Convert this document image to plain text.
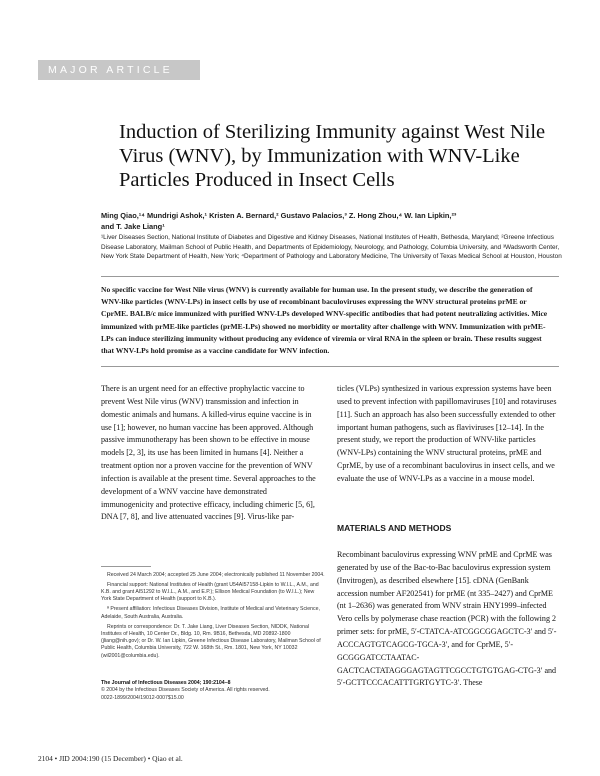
MAJOR ARTICLE
Induction of Sterilizing Immunity against West Nile Virus (WNV), by Immunization with WNV-Like Particles Produced in Insect Cells
Ming Qiao,¹⁴ Mundrigi Ashok,¹ Kristen A. Bernard,² Gustavo Palacios,³ Z. Hong Zhou,⁴ W. Ian Lipkin,²³
and T. Jake Liang¹
¹Liver Diseases Section, National Institute of Diabetes and Digestive and Kidney Diseases, National Institutes of Health, Bethesda, Maryland; ²Greene Infectious Disease Laboratory, Mailman School of Public Health, and Departments of Epidemiology, Neurology, and Pathology, Columbia University, and ³Wadsworth Center, New York State Department of Health, New York; ⁴Department of Pathology and Laboratory Medicine, The University of Texas Medical School at Houston, Houston
No specific vaccine for West Nile virus (WNV) is currently available for human use. In the present study, we describe the generation of WNV-like particles (WNV-LPs) in insect cells by use of recombinant baculoviruses expressing the WNV structural proteins prME or CprME. BALB/c mice immunized with purified WNV-LPs developed WNV-specific antibodies that had potent neutralizing activities. Mice immunized with prME-like particles (prME-LPs) showed no morbidity or mortality after challenge with WNV. Immunization with prME-LPs can induce sterilizing immunity without producing any evidence of viremia or viral RNA in the spleen or brain. These results suggest that WNV-LPs hold promise as a vaccine candidate for WNV infection.

There is an urgent need for an effective prophylactic vaccine to prevent West Nile virus (WNV) transmission and infection in domestic animals and humans. A killed-virus equine vaccine is in use [1]; however, no human vaccine has been approved. Although passive immunotherapy has been shown to be effective in mouse models [2, 3], its use has been limited in humans [4]. Neither a treatment option nor a proven vaccine for the prevention of WNV infection is available at the present time. Several approaches to the development of a WNV vaccine have demonstrated immunogenicity and protective efficacy, including chimeric [5, 6], DNA [7, 8], and live attenuated vaccines [9]. Virus-like par-

ticles (VLPs) synthesized in various expression systems have been used to prevent infection with papillomaviruses [10] and rotaviruses [11]. Such an approach has also been successfully extended to other important human pathogens, such as flaviviruses [12–14]. In the present study, we report the production of WNV-like particles (WNV-LPs) containing the WNV structural proteins, prME and CprME, by use of a recombinant baculovirus in insect cells, and we evaluate the use of WNV-LPs as a vaccine in a mouse model.

MATERIALS AND METHODS

Recombinant baculovirus expressing WNV prME and CprME was generated by use of the Bac-to-Bac baculovirus expression system (Invitrogen), as described elsewhere [15]. cDNA (GenBank accession number AF202541) for prME (nt 335–2427) and CprME (nt 1–2636) was generated from WNV strain HNY1999–infected Vero cells by polymerase chase reaction (PCR) with the following 2 primer sets: for prME, 5′-CTATCA-ATCGGCGGAGCTC-3′ and 5′-ACCCAGTGTCAGCG-TGCA-3′, and for CprME, 5′-GCGGGATCCTAATAC-GACTCACTATAGGGAGTAGTTCGCCTGTGTGAG-CTG-3′ and 5′-GCTTCCCACATTTGRTGYTC-3′. These

Received 24 March 2004; accepted 25 June 2004; electronically published 11 November 2004.

Financial support: National Institutes of Health (grant U54AI57158-Lipkin to W.I.L., A.M., and K.B. and grant AI51292 to W.I.L., A.M., and E.P.); Ellison Medical Foundation (to W.I.L.); New York State Department of Health (support to K.B.).

ª Present affiliation: Infectious Diseases Division, Institute of Medical and Veterinary Science, Adelaide, South Australia, Australia.

Reprints or correspondence: Dr. T. Jake Liang, Liver Diseases Section, NIDDK, National Institutes of Health, 10 Center Dr., Bldg. 10, Rm. 9B16, Bethesda, MD 20892-1800 (jliang@nih.gov); or Dr. W. Ian Lipkin, Greene Infectious Disease Laboratory, Mailman School of Public Health, Columbia University, 722 W. 168th St., Rm. 1801, New York, NY 10032 (wil2001@columbia.edu).

The Journal of Infectious Diseases 2004; 190:2104–8
© 2004 by the Infectious Diseases Society of America. All rights reserved.
0022-1899/2004/19012-0007$15.00
2104 • JID 2004:190 (15 December) • Qiao et al.
